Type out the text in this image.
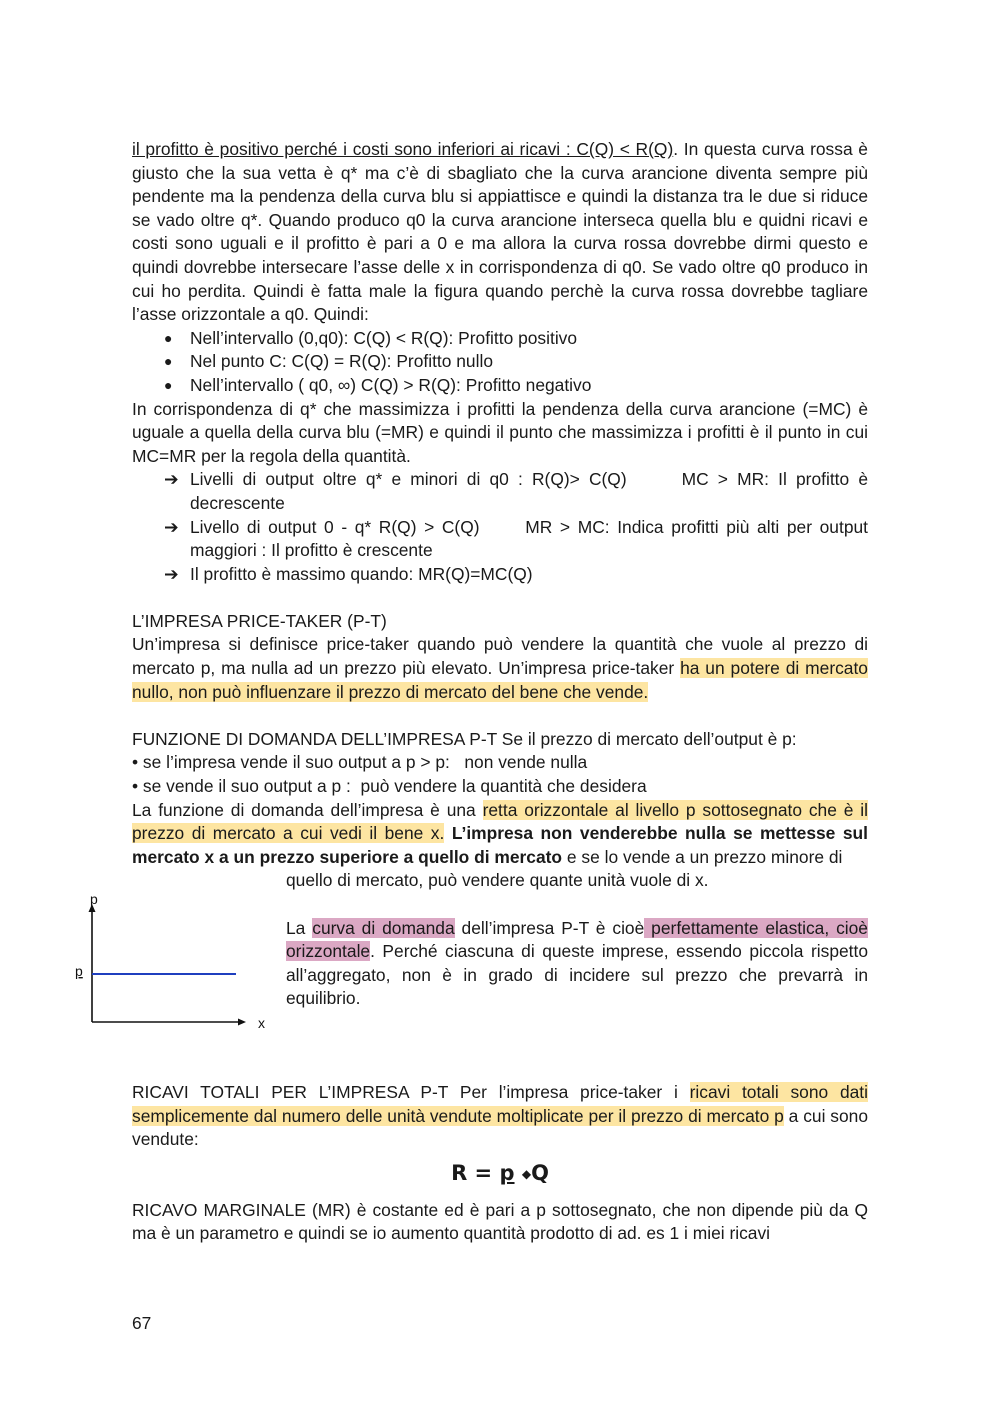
il profitto è positivo perché i costi sono inferiori ai ricavi : C(Q) < R(Q). In questa curva rossa è giusto che la sua vetta è q* ma c’è di sbagliato che la curva arancione diventa sempre più pendente ma la pendenza della curva blu si appiattisce e quindi la distanza tra le due si riduce se vado oltre q*. Quando produco q0 la curva arancione interseca quella blu e quidni ricavi e costi sono uguali e il profitto è pari a 0 e ma allora la curva rossa dovrebbe dirmi questo e quindi dovrebbe intersecare l’asse delle x in corrispondenza di q0. Se vado oltre q0 produco in cui ho perdita. Quindi è fatta male la figura quando perchè la curva rossa dovrebbe tagliare l’asse orizzontale a q0. Quindi:

● Nell’intervallo (0,q0): C(Q) < R(Q): Profitto positivo
● Nel punto C: C(Q) = R(Q): Profitto nullo
● Nell’intervallo ( q0, ∞) C(Q) > R(Q): Profitto negativo

In corrispondenza di q* che massimizza i profitti la pendenza della curva arancione (=MC) è uguale a quella della curva blu (=MR) e quindi il punto che massimizza i profitti è il punto in cui MC=MR per la regola della quantità.

➔ Livelli di output oltre q* e minori di q0 : R(Q)> C(Q)      MC > MR: Il profitto è decrescente
➔ Livello di output 0 - q* R(Q) > C(Q)      MR > MC: Indica profitti più alti per output maggiori : Il profitto è crescente
➔ Il profitto è massimo quando: MR(Q)=MC(Q)

L’IMPRESA PRICE-TAKER (P-T)

Un’impresa si definisce price-taker quando può vendere la quantità che vuole al prezzo di mercato p, ma nulla ad un prezzo più elevato. Un’impresa price-taker ha un potere di mercato nullo, non può influenzare il prezzo di mercato del bene che vende.

FUNZIONE DI DOMANDA DELL’IMPRESA P-T Se il prezzo di mercato dell’output è p:

• se l’impresa vende il suo output a p > p:   non vende nulla

• se vende il suo output a p :  può vendere la quantità che desidera

La funzione di domanda dell’impresa è una retta orizzontale al livello p sottosegnato che è il prezzo di mercato a cui vedi il bene x. L’impresa non venderebbe nulla se mettesse sul mercato x a un prezzo superiore a quello di mercato e se lo vende a un prezzo minore di

quello di mercato, può vendere quante unità vuole di x.

La curva di domanda dell’impresa P-T è cioè perfettamente elastica, cioè orizzontale. Perché ciascuna di queste imprese, essendo piccola rispetto all’aggregato, non è in grado di incidere sul prezzo che prevarrà in equilibrio.

RICAVI TOTALI PER L’IMPRESA P-T Per l’impresa price-taker i ricavi totali sono dati semplicemente dal numero delle unità vendute moltiplicate per il prezzo di mercato p a cui sono vendute:

R = p ◆Q

RICAVO MARGINALE (MR) è costante ed è pari a p sottosegnato, che non dipende più da Q ma è un parametro e quindi se io aumento quantità prodotto di ad. es 1 i miei ricavi

p
x
p
67
